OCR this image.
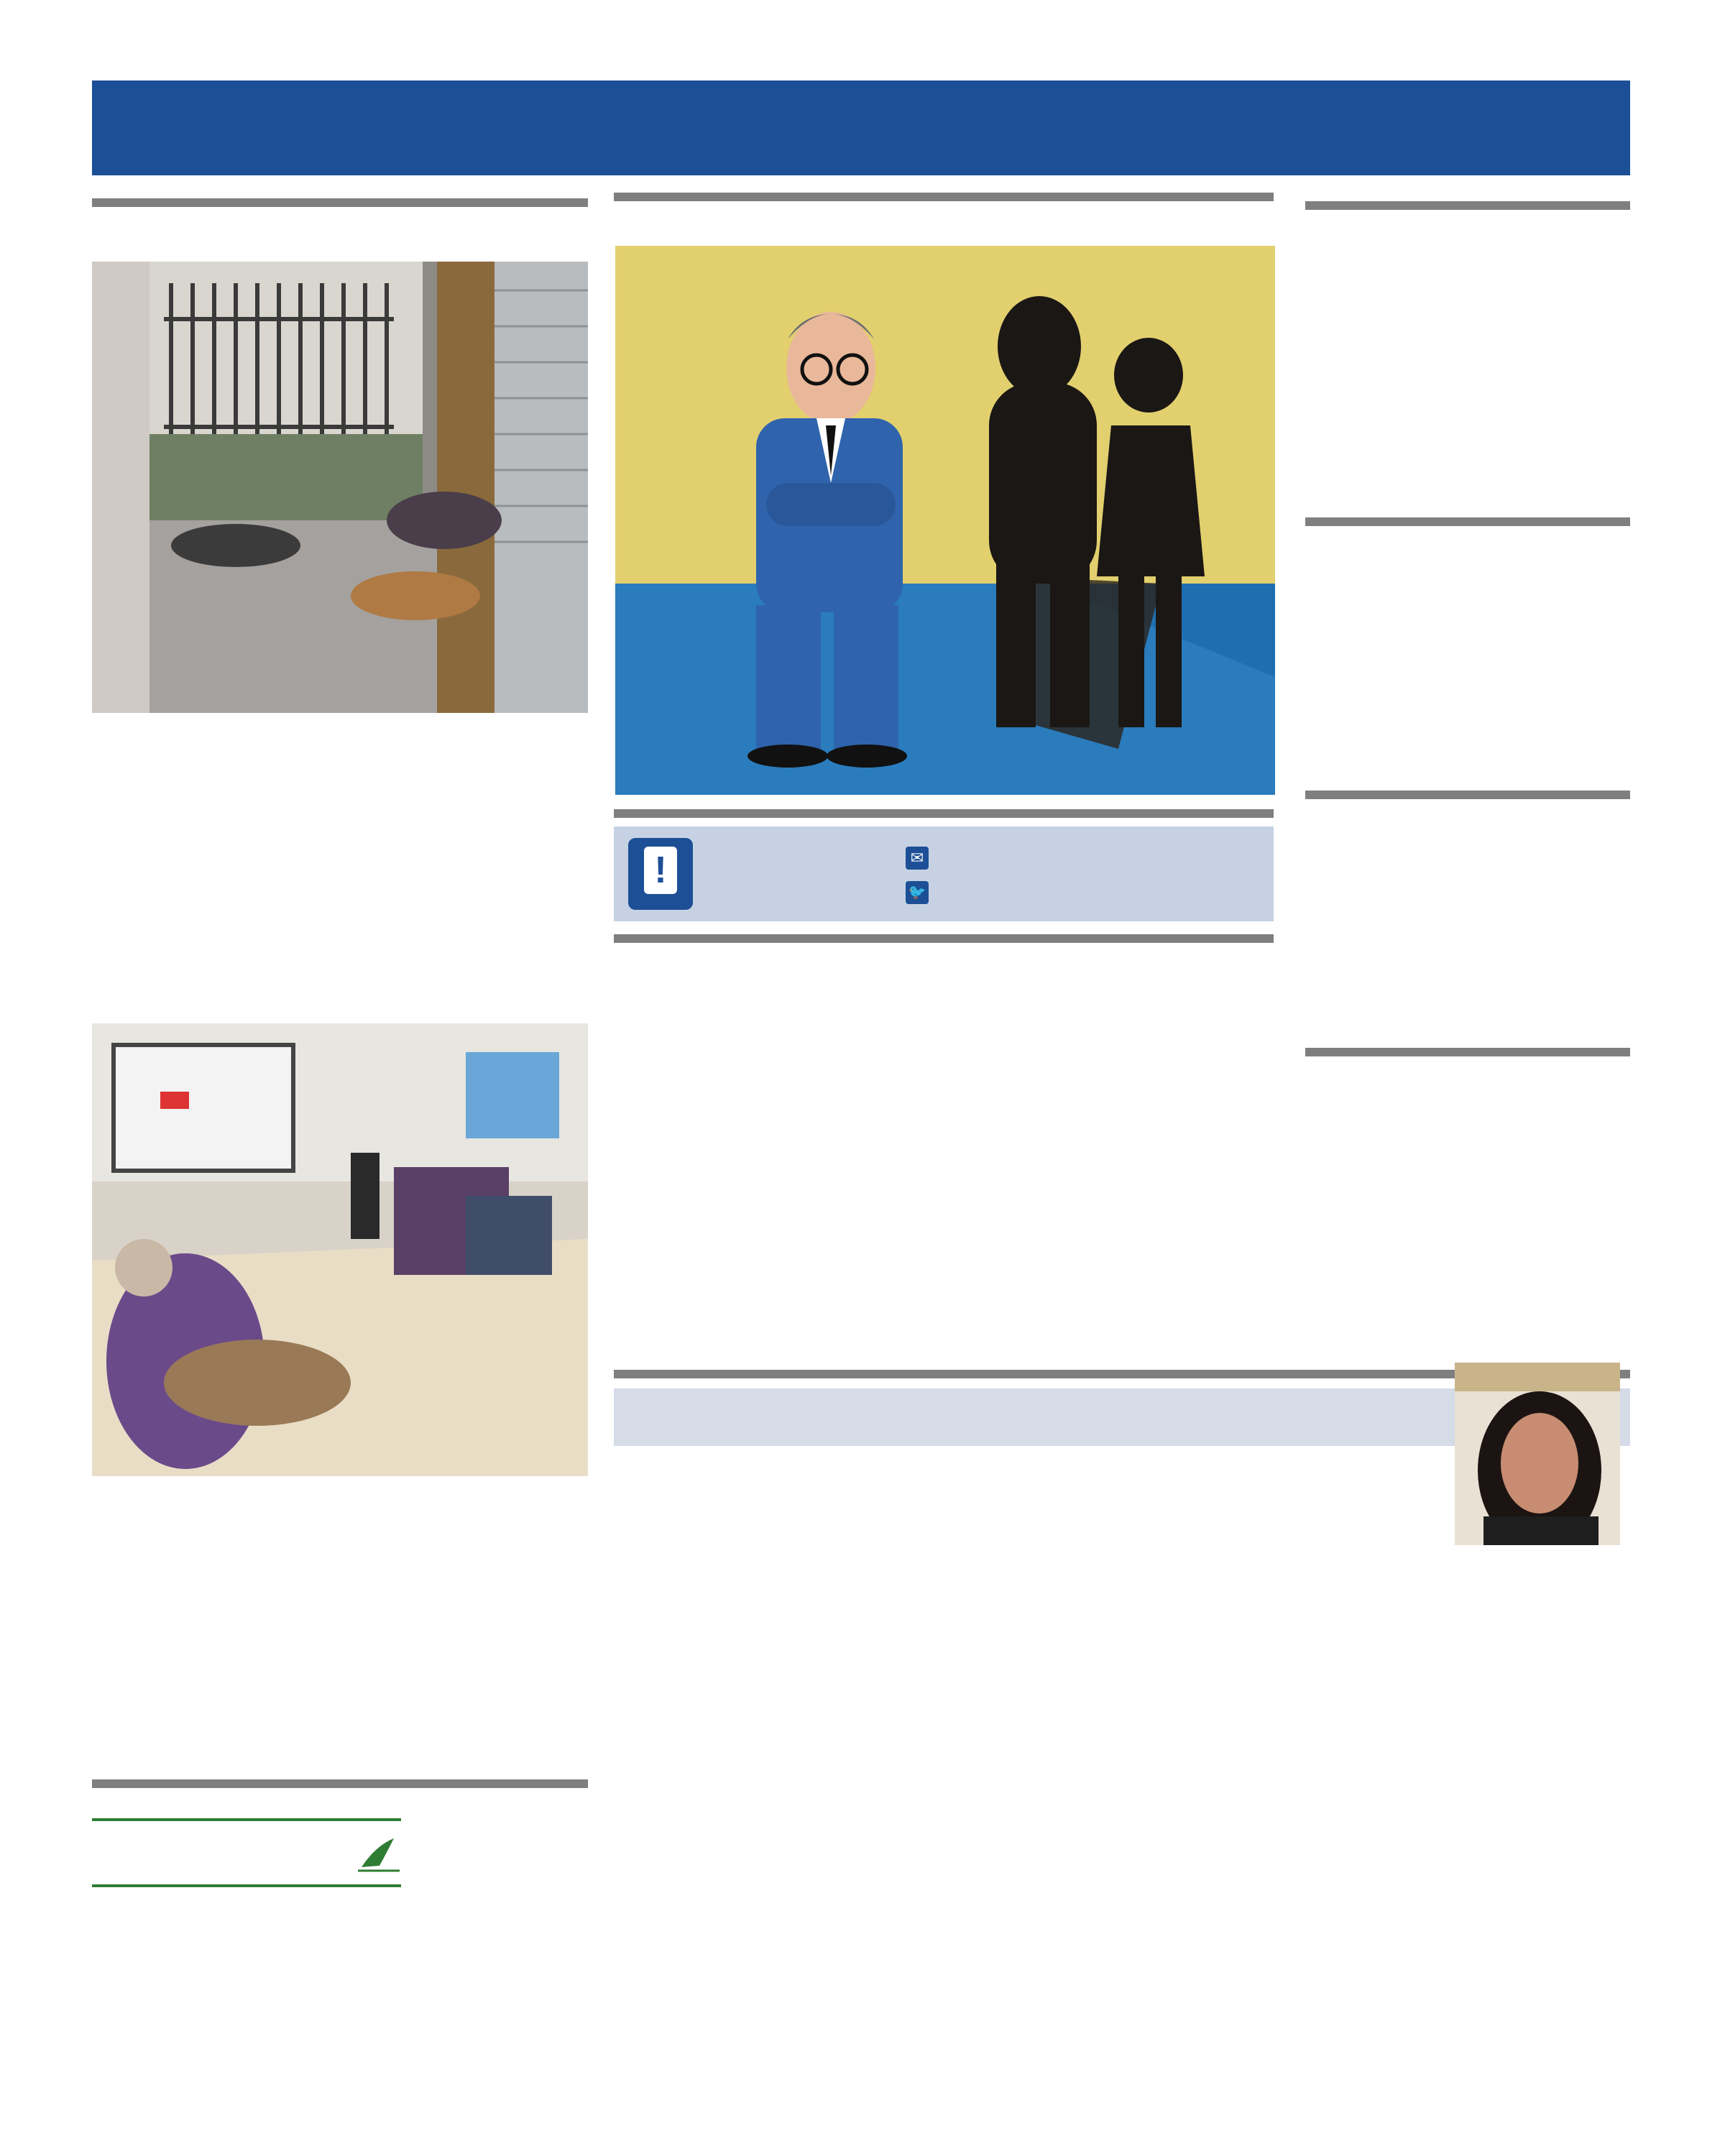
!	✉
🐦
